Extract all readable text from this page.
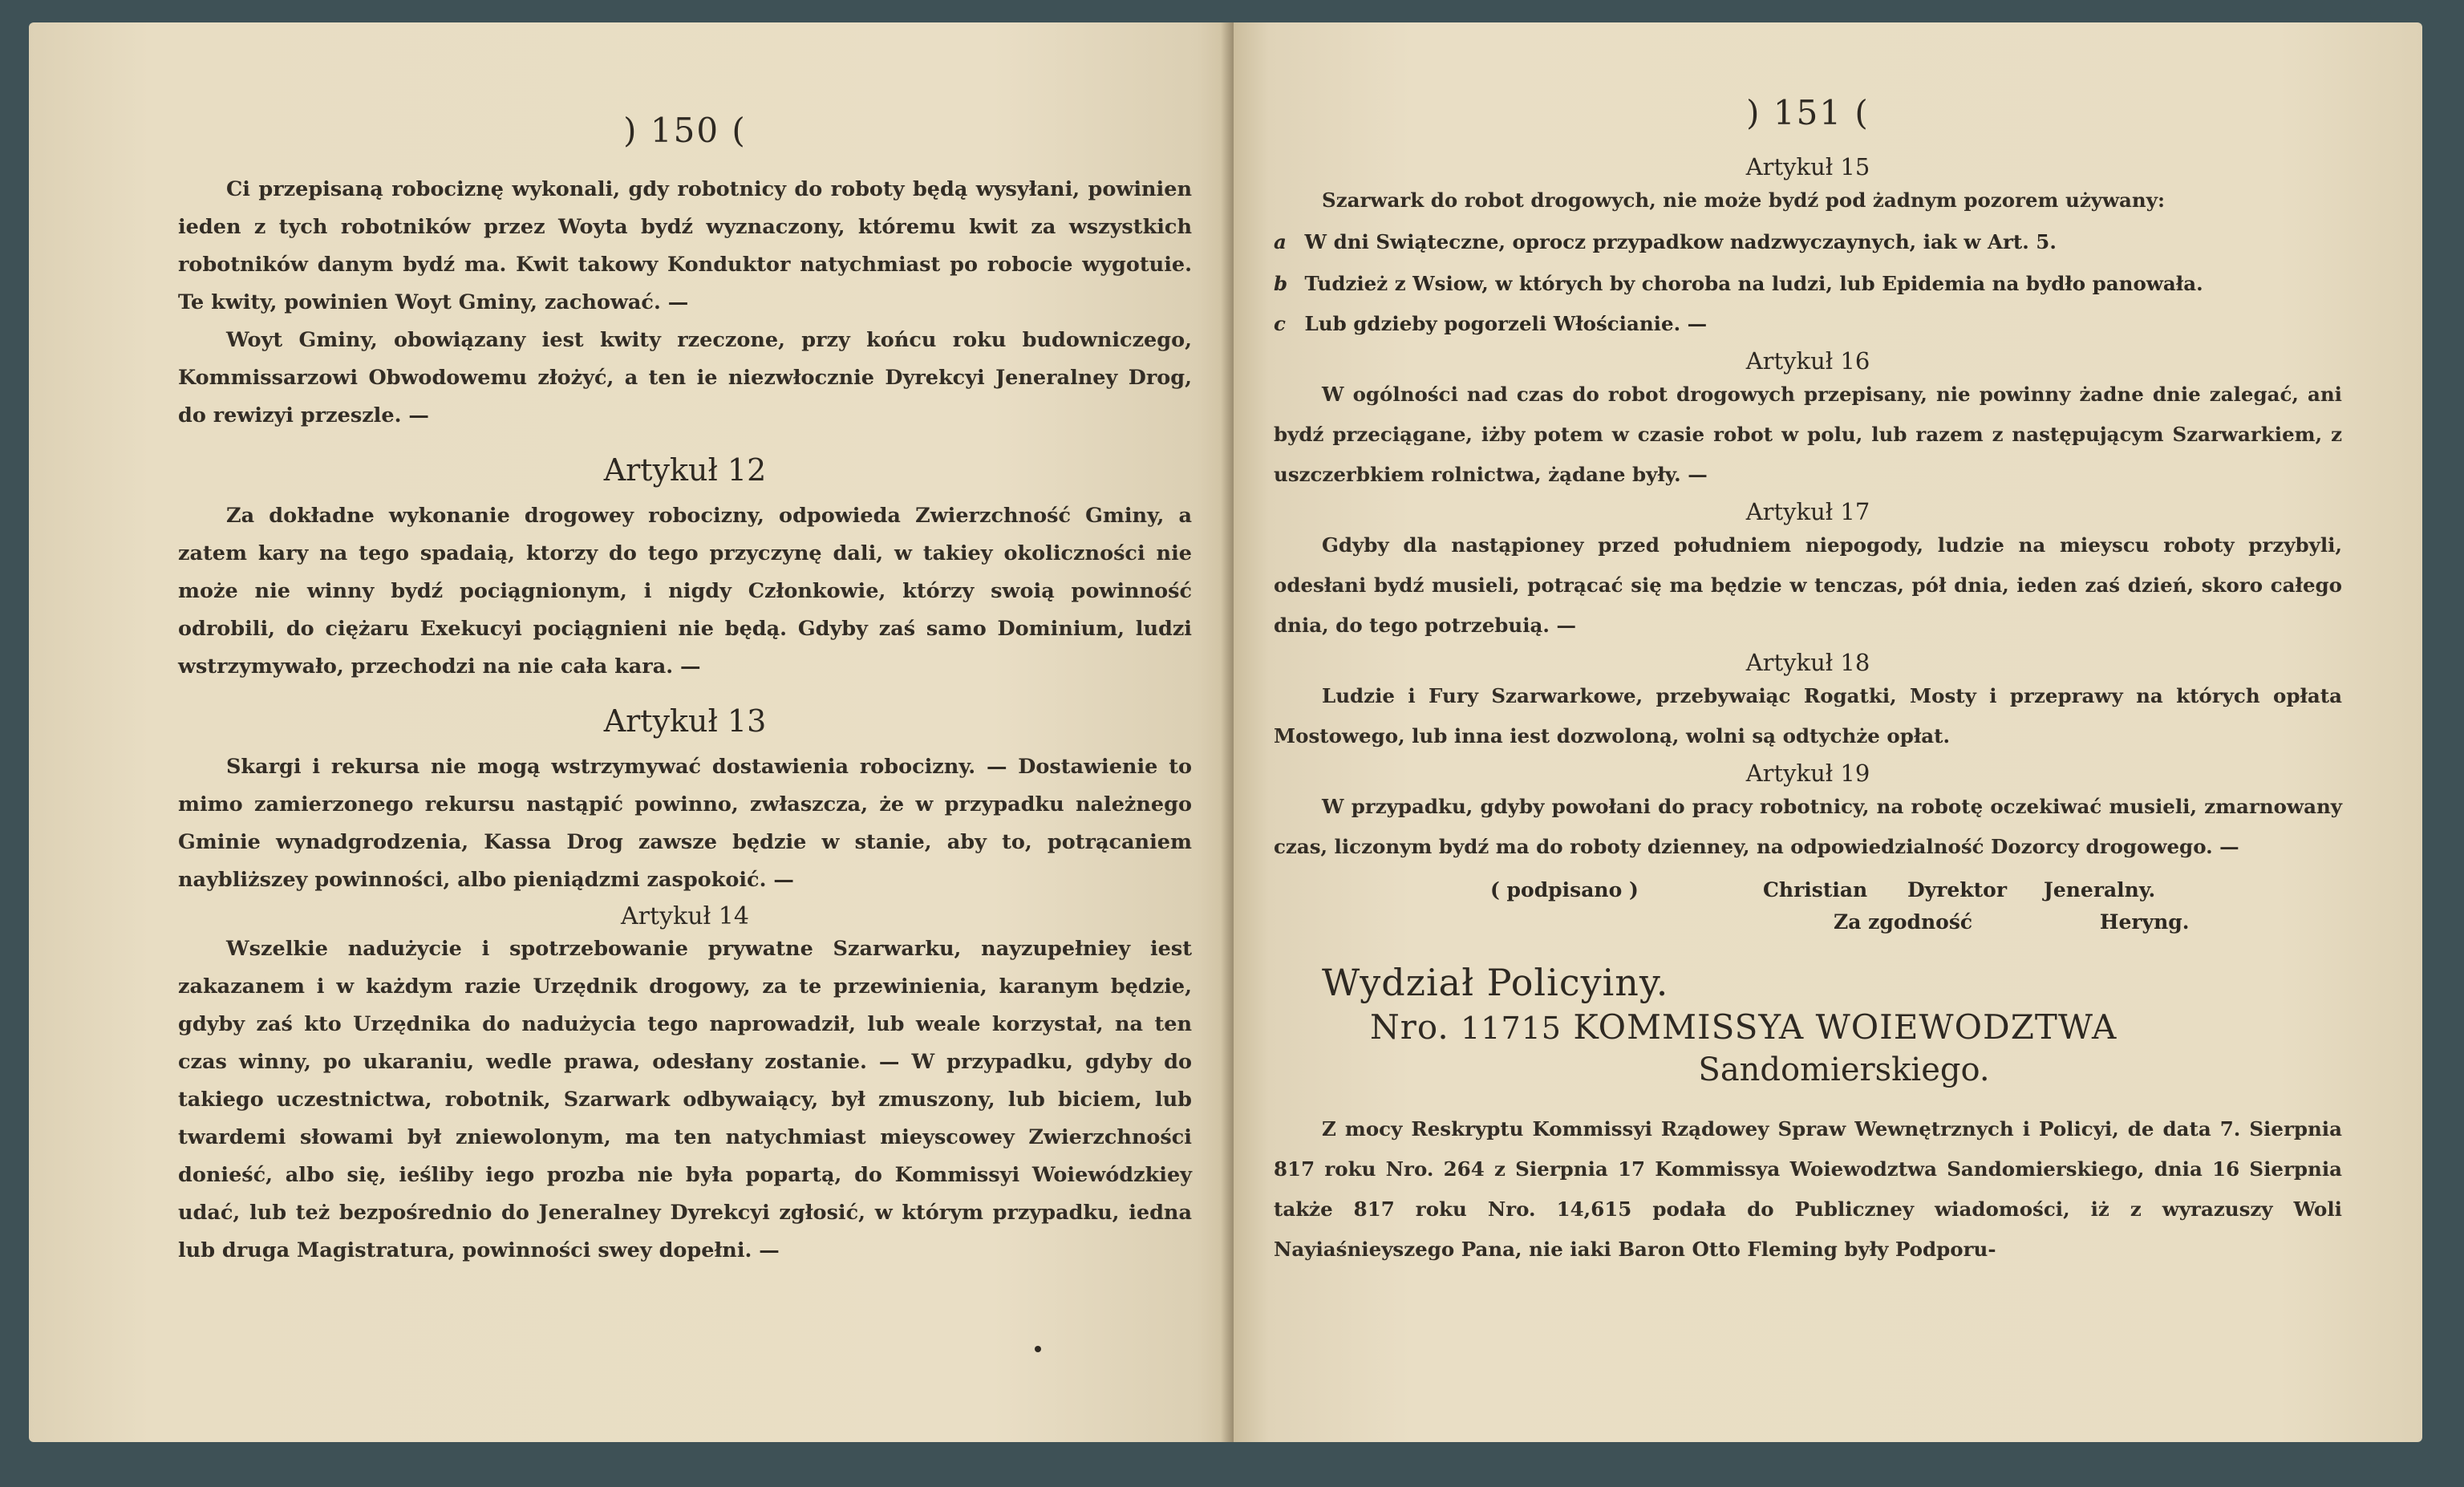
) 150 (

Ci przepisaną robociznę wykonali, gdy robotnicy do roboty będą wysyłani, powinien ieden z tych robotników przez Woyta bydź wyznaczony, któremu kwit za wszystkich robotników danym bydź ma. Kwit takowy Konduktor natychmiast po robocie wygotuie. Te kwity, powinien Woyt Gminy, zachować. —

Woyt Gminy, obowiązany iest kwity rzeczone, przy końcu roku budowniczego, Kommissarzowi Obwodowemu złożyć, a ten ie niezwłocznie Dyrekcyi Jeneralney Drog, do rewizyi przeszle. —

Artykuł 12

Za dokładne wykonanie drogowey robocizny, odpowieda Zwierzchność Gminy, a zatem kary na tego spadaią, ktorzy do tego przyczynę dali, w takiey okoliczności nie może nie winny bydź pociągnionym, i nigdy Członkowie, którzy swoią powinność odrobili, do ciężaru Exekucyi pociągnieni nie będą. Gdyby zaś samo Dominium, ludzi wstrzymywało, przechodzi na nie cała kara. —

Artykuł 13

Skargi i rekursa nie mogą wstrzymywać dostawienia robocizny. — Dostawienie to mimo zamierzonego rekursu nastąpić powinno, zwłaszcza, że w przypadku należnego Gminie wynadgrodzenia, Kassa Drog zawsze będzie w stanie, aby to, potrącaniem naybliższey powinności, albo pieniądzmi zaspokoić. —

Artykuł 14

Wszelkie nadużycie i spotrzebowanie prywatne Szarwarku, nayzupełniey iest zakazanem i w każdym razie Urzędnik drogowy, za te przewinienia, karanym będzie, gdyby zaś kto Urzędnika do nadużycia tego naprowadził, lub weale korzystał, na ten czas winny, po ukaraniu, wedle prawa, odesłany zostanie. — W przypadku, gdyby do takiego uczestnictwa, robotnik, Szarwark odbywaiący, był zmuszony, lub biciem, lub twardemi słowami był zniewolonym, ma ten natychmiast mieyscowey Zwierzchności donieść, albo się, ieśliby iego prozba nie była popartą, do Kommissyi Woiewódzkiey udać, lub też bezpośrednio do Jeneralney Dyrekcyi zgłosić, w którym przypadku, iedna lub druga Magistratura, powinności swey dopełni. —

) 151 (
Artykuł 15

Szarwark do robot drogowych, nie może bydź pod żadnym pozorem używany:

a W dni Swiąteczne, oprocz przypadkow nadzwyczaynych, iak w Art. 5.
b Tudzież z Wsiow, w których by choroba na ludzi, lub Epidemia na bydło panowała.
c Lub gdzieby pogorzeli Włościanie. —
Artykuł 16

W ogólności nad czas do robot drogowych przepisany, nie powinny żadne dnie zalegać, ani bydź przeciągane, iżby potem w czasie robot w polu, lub razem z następującym Szarwarkiem, z uszczerbkiem rolnictwa, żądane były. —

Artykuł 17

Gdyby dla nastąpioney przed południem niepogody, ludzie na mieyscu roboty przybyli, odesłani bydź musieli, potrącać się ma będzie w tenczas, pół dnia, ieden zaś dzień, skoro całego dnia, do tego potrzebuią. —

Artykuł 18

Ludzie i Fury Szarwarkowe, przebywaiąc Rogatki, Mosty i przeprawy na których opłata Mostowego, lub inna iest dozwoloną, wolni są odtychże opłat.

Artykuł 19

W przypadku, gdyby powołani do pracy robotnicy, na robotę oczekiwać musieli, zmarnowany czas, liczonym bydź ma do roboty dzienney, na odpowiedzialność Dozorcy drogowego. —

( podpisano )	Christian Dyrektor Jeneralny.
Za zgodność	Heryng.
Wydział Policyiny.
Nro. 11715 KOMMISSYA WOIEWODZTWA
Sandomierskiego.

Z mocy Reskryptu Kommissyi Rządowey Spraw Wewnętrznych i Policyi, de data 7. Sierpnia 817 roku Nro. 264 z Sierpnia 17 Kommissya Woiewodztwa Sandomierskiego, dnia 16 Sierpnia także 817 roku Nro. 14,615 podała do Publiczney wiadomości, iż z wyrazuszy Woli Nayiaśnieyszego Pana, nie iaki Baron Otto Fleming były Podporu-
